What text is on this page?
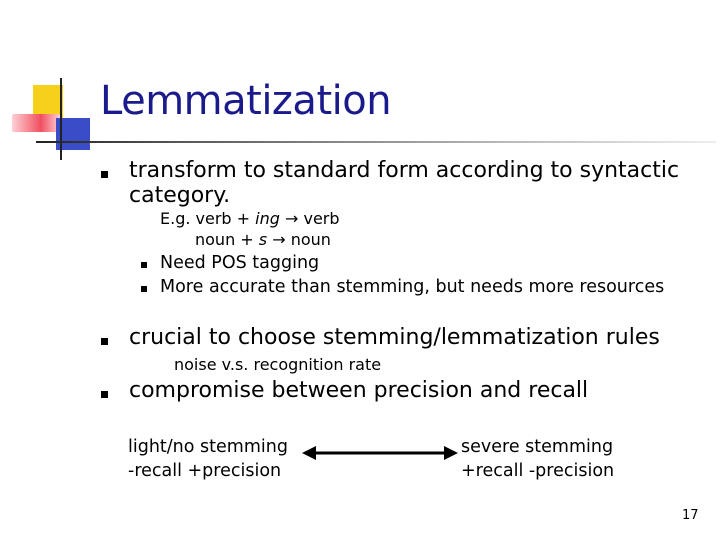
Lemmatization
transform to standard form according to syntactic
category.
E.g. verb + ing → verb
noun + s → noun
Need POS tagging
More accurate than stemming, but needs more resources
crucial to choose stemming/lemmatization rules
noise v.s. recognition rate
compromise between precision and recall
light/no stemming
-recall +precision
severe stemming
+recall -precision
17
